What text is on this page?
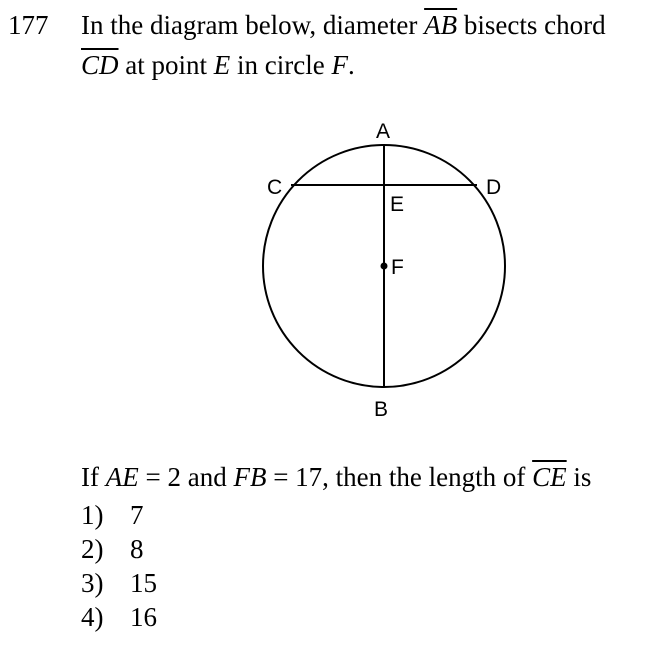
177 In the diagram below, diameter $\overline{AB}$ bisects chord
$\overline{CD}$ at point E in circle F.
A
B
C	D
E
F
If AE = 2 and FB = 17, then the length of $\overline{CE}$ is
1) 7
2) 8
3) 15
4) 16
